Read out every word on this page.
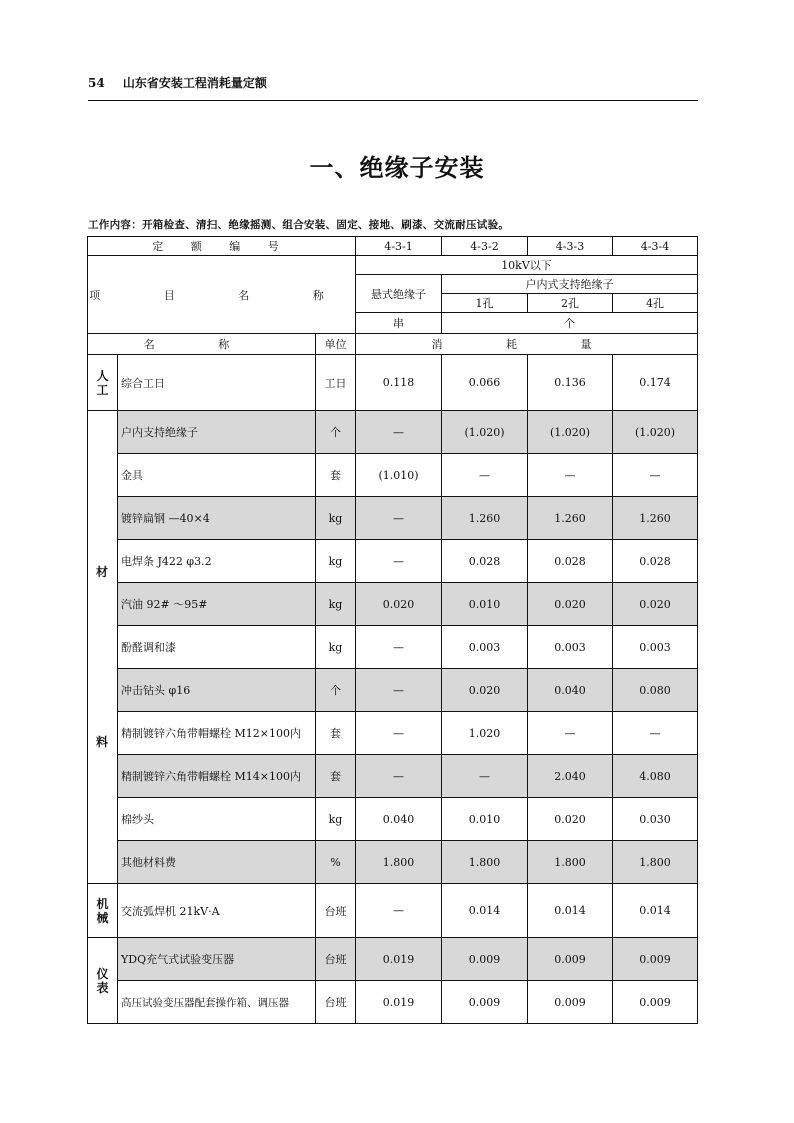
54 山东省安装工程消耗量定额
一、绝缘子安装
工作内容：开箱检查、清扫、绝缘摇测、组合安装、固定、接地、刷漆、交流耐压试验。
定 额 编 号			4-3-1	4-3-2	4-3-3	4-3-4
项 目 名 称			10kV以下			
			悬式绝缘子	户内式支持绝缘子		
				1孔	2孔	4孔
			串	个		
名 称		单位	消 耗 量			

人工	综合工日	工日	0.118	0.066	0.136	0.174

材
料	户内支持绝缘子	个	—	(1.020)	(1.020)	(1.020)
	金具	套	(1.010)	—	—	—
	镀锌扁钢 —40×4	kg	—	1.260	1.260	1.260
	电焊条 J422 φ3.2	kg	—	0.028	0.028	0.028
	汽油 92# ～95#	kg	0.020	0.010	0.020	0.020
	酚醛调和漆	kg	—	0.003	0.003	0.003
	冲击钻头 φ16	个	—	0.020	0.040	0.080
	精制镀锌六角带帽螺栓 M12×100内	套	—	1.020	—	—
	精制镀锌六角带帽螺栓 M14×100内	套	—	—	2.040	4.080
	棉纱头	kg	0.040	0.010	0.020	0.030
	其他材料费	%	1.800	1.800	1.800	1.800

机械	交流弧焊机 21kV·A	台班	—	0.014	0.014	0.014

仪表	YDQ充气式试验变压器	台班	0.019	0.009	0.009	0.009
	高压试验变压器配套操作箱、调压器	台班	0.019	0.009	0.009	0.009
